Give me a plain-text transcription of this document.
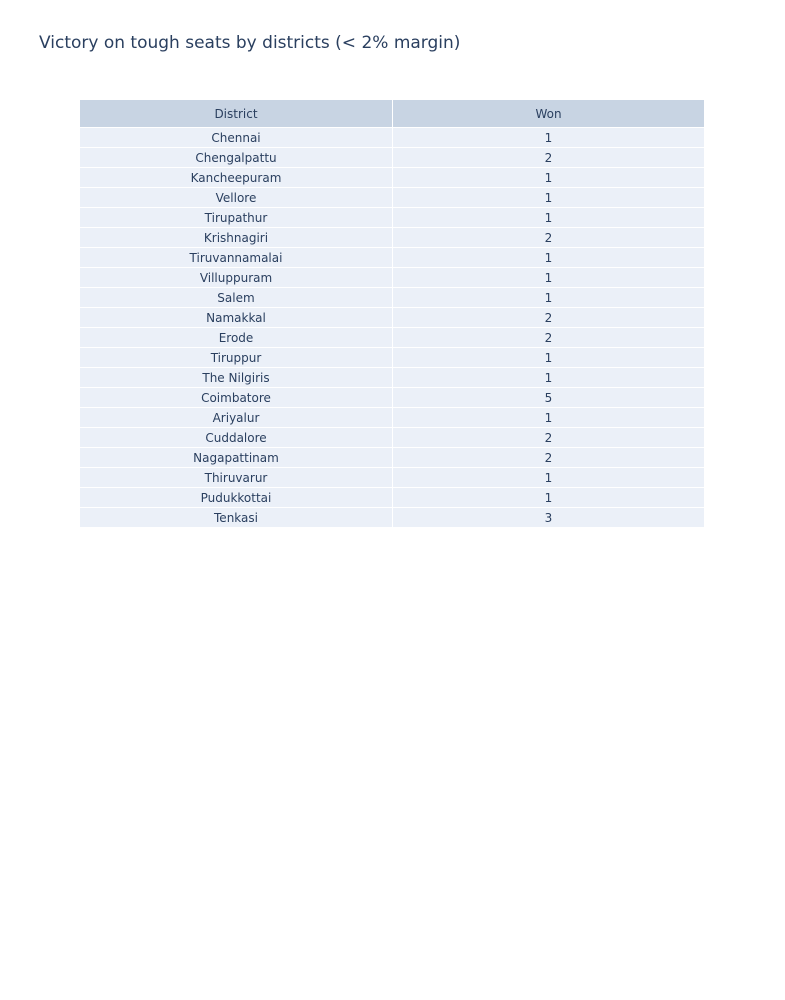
Victory on tough seats by districts (< 2% margin)
District	Won
Chennai	1
Chengalpattu	2
Kancheepuram	1
Vellore	1
Tirupathur	1
Krishnagiri	2
Tiruvannamalai	1
Villuppuram	1
Salem	1
Namakkal	2
Erode	2
Tiruppur	1
The Nilgiris	1
Coimbatore	5
Ariyalur	1
Cuddalore	2
Nagapattinam	2
Thiruvarur	1
Pudukkottai	1
Tenkasi	3
